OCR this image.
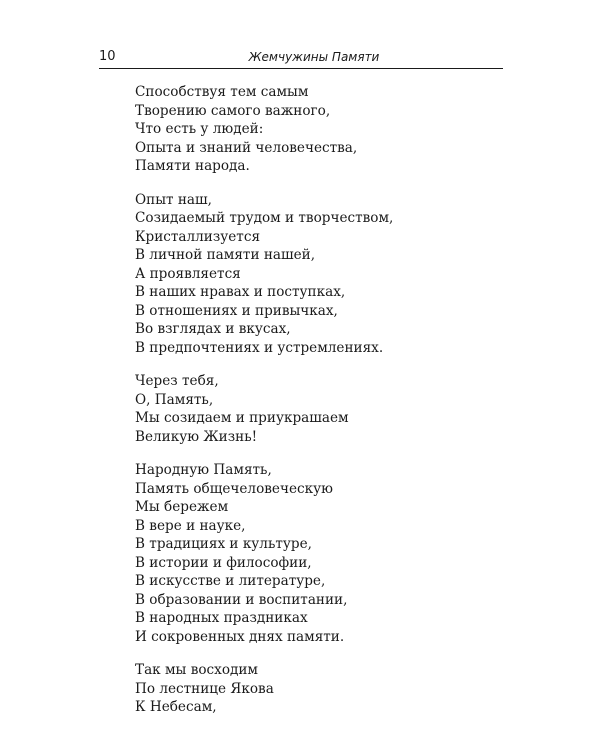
10	Жемчужины Памяти
Способствуя тем самым
Творению самого важного,
Что есть у людей:
Опыта и знаний человечества,
Памяти народа.
Опыт наш,
Созидаемый трудом и творчеством,
Кристаллизуется
В личной памяти нашей,
А проявляется
В наших нравах и поступках,
В отношениях и привычках,
Во взглядах и вкусах,
В предпочтениях и устремлениях.
Через тебя,
О, Память,
Мы созидаем и приукрашаем
Великую Жизнь!
Народную Память,
Память общечеловеческую
Мы бережем
В вере и науке,
В традициях и культуре,
В истории и философии,
В искусстве и литературе,
В образовании и воспитании,
В народных праздниках
И сокровенных днях памяти.
Так мы восходим
По лестнице Якова
К Небесам,
